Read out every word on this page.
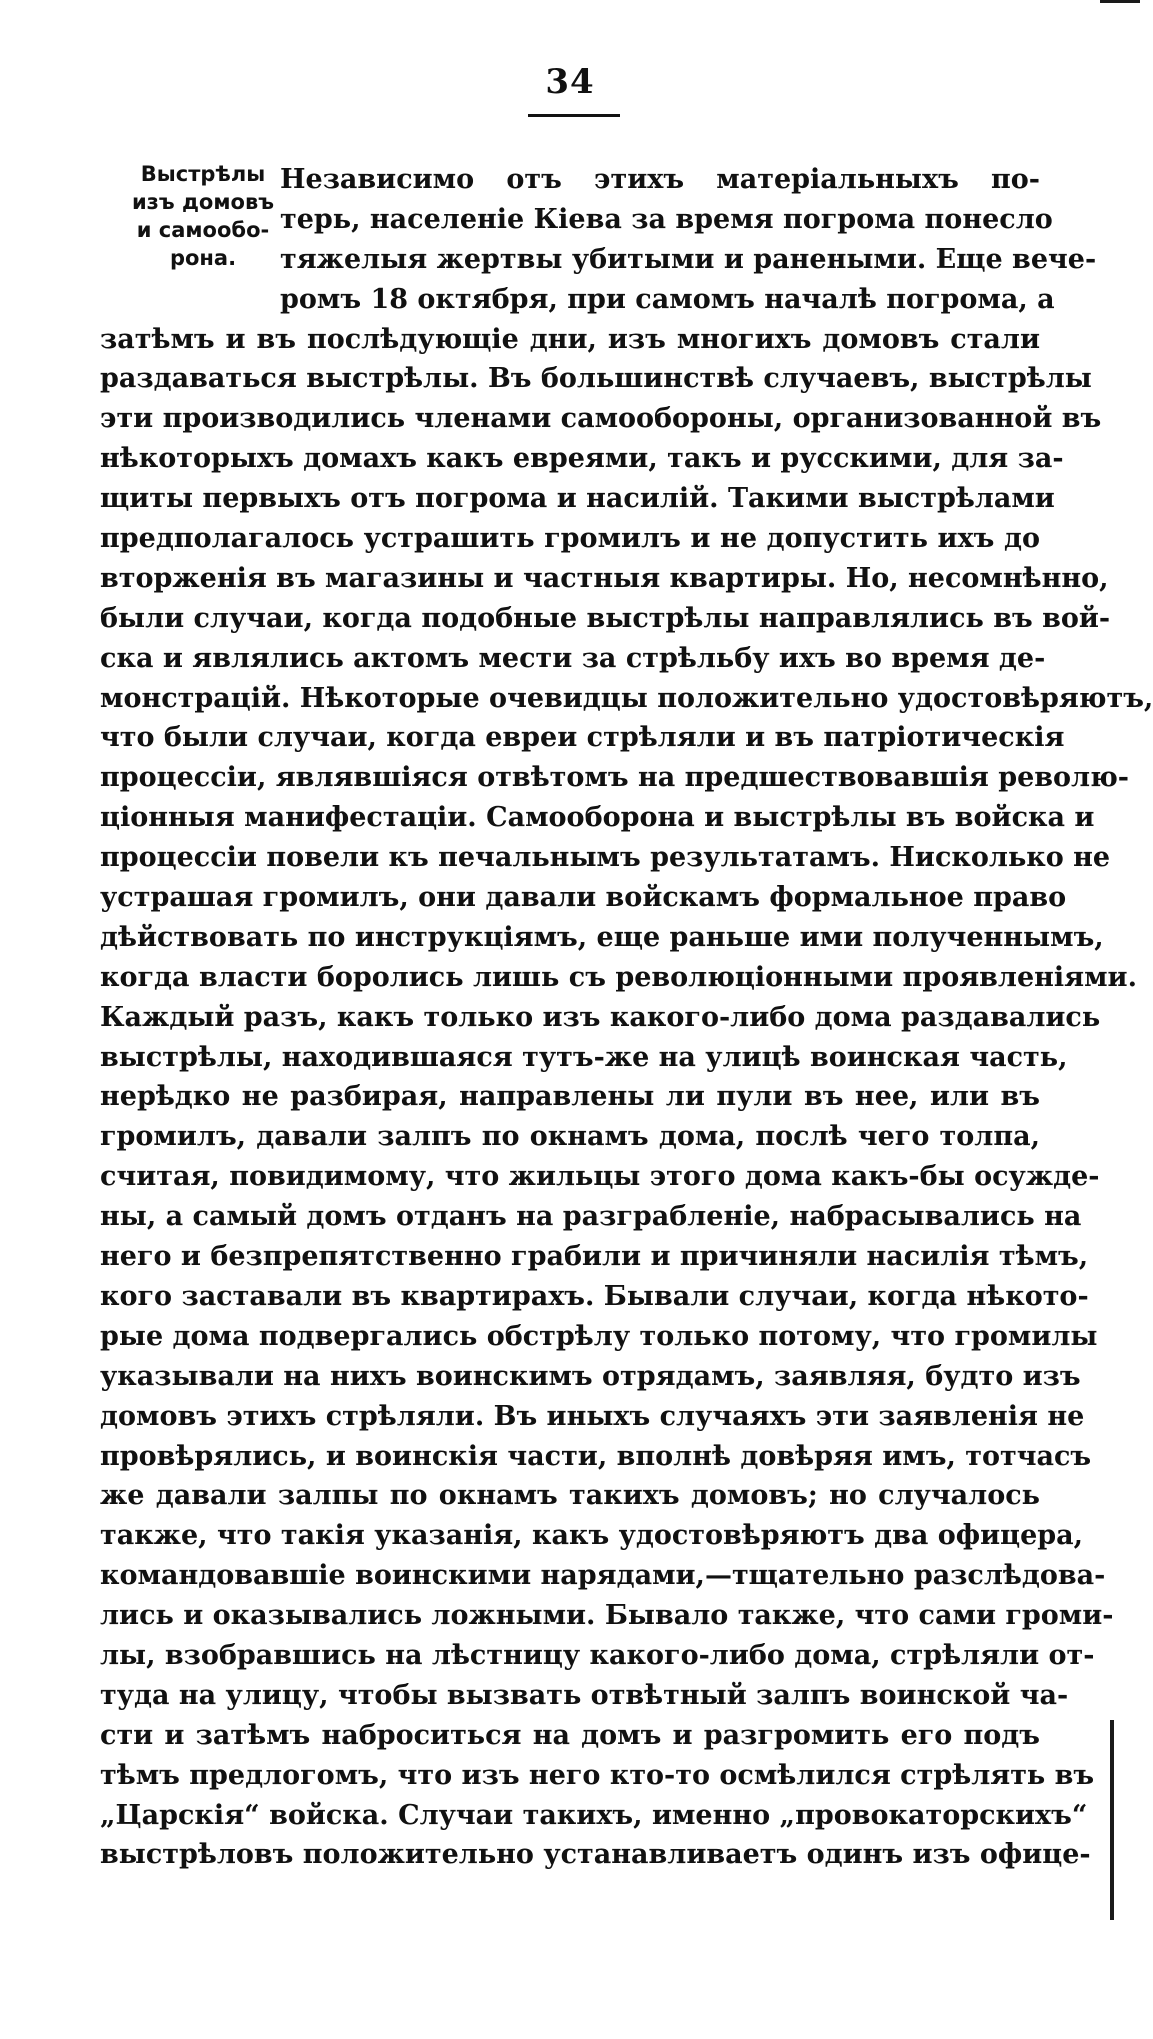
34
Выстрѣлы
изъ домовъ
и самообо-
рона.
Независимо отъ этихъ матеріальныхъ по-
терь, населеніе Кіева за время погрома понесло
тяжелыя жертвы убитыми и ранеными. Еще вече-
ромъ 18 октября, при самомъ началѣ погрома, а
затѣмъ и въ послѣдующіе дни, изъ многихъ домовъ стали
раздаваться выстрѣлы. Въ большинствѣ случаевъ, выстрѣлы
эти производились членами самообороны, организованной въ
нѣкоторыхъ домахъ какъ евреями, такъ и русскими, для за-
щиты первыхъ отъ погрома и насилій. Такими выстрѣлами
предполагалось устрашить громилъ и не допустить ихъ до
вторженія въ магазины и частныя квартиры. Но, несомнѣнно,
были случаи, когда подобные выстрѣлы направлялись въ вой-
ска и являлись актомъ мести за стрѣльбу ихъ во время де-
монстрацій. Нѣкоторые очевидцы положительно удостовѣряютъ,
что были случаи, когда евреи стрѣляли и въ патріотическія
процессіи, являвшіяся отвѣтомъ на предшествовавшія револю-
ціонныя манифестаціи. Самооборона и выстрѣлы въ войска и
процессіи повели къ печальнымъ результатамъ. Нисколько не
устрашая громилъ, они давали войскамъ формальное право
дѣйствовать по инструкціямъ, еще раньше ими полученнымъ,
когда власти боролись лишь съ революціонными проявленіями.
Каждый разъ, какъ только изъ какого-либо дома раздавались
выстрѣлы, находившаяся тутъ-же на улицѣ воинская часть,
нерѣдко не разбирая, направлены ли пули въ нее, или въ
громилъ, давали залпъ по окнамъ дома, послѣ чего толпа,
считая, повидимому, что жильцы этого дома какъ-бы осужде-
ны, а самый домъ отданъ на разграбленіе, набрасывались на
него и безпрепятственно грабили и причиняли насилія тѣмъ,
кого заставали въ квартирахъ. Бывали случаи, когда нѣкото-
рые дома подвергались обстрѣлу только потому, что громилы
указывали на нихъ воинскимъ отрядамъ, заявляя, будто изъ
домовъ этихъ стрѣляли. Въ иныхъ случаяхъ эти заявленія не
провѣрялись, и воинскія части, вполнѣ довѣряя имъ, тотчасъ
же давали залпы по окнамъ такихъ домовъ; но случалось
также, что такія указанія, какъ удостовѣряютъ два офицера,
командовавшіе воинскими нарядами,—тщательно разслѣдова-
лись и оказывались ложными. Бывало также, что сами громи-
лы, взобравшись на лѣстницу какого-либо дома, стрѣляли от-
туда на улицу, чтобы вызвать отвѣтный залпъ воинской ча-
сти и затѣмъ наброситься на домъ и разгромить его подъ
тѣмъ предлогомъ, что изъ него кто-то осмѣлился стрѣлять въ
„Царскія“ войска. Случаи такихъ, именно „провокаторскихъ“
выстрѣловъ положительно устанавливаетъ одинъ изъ офице-
